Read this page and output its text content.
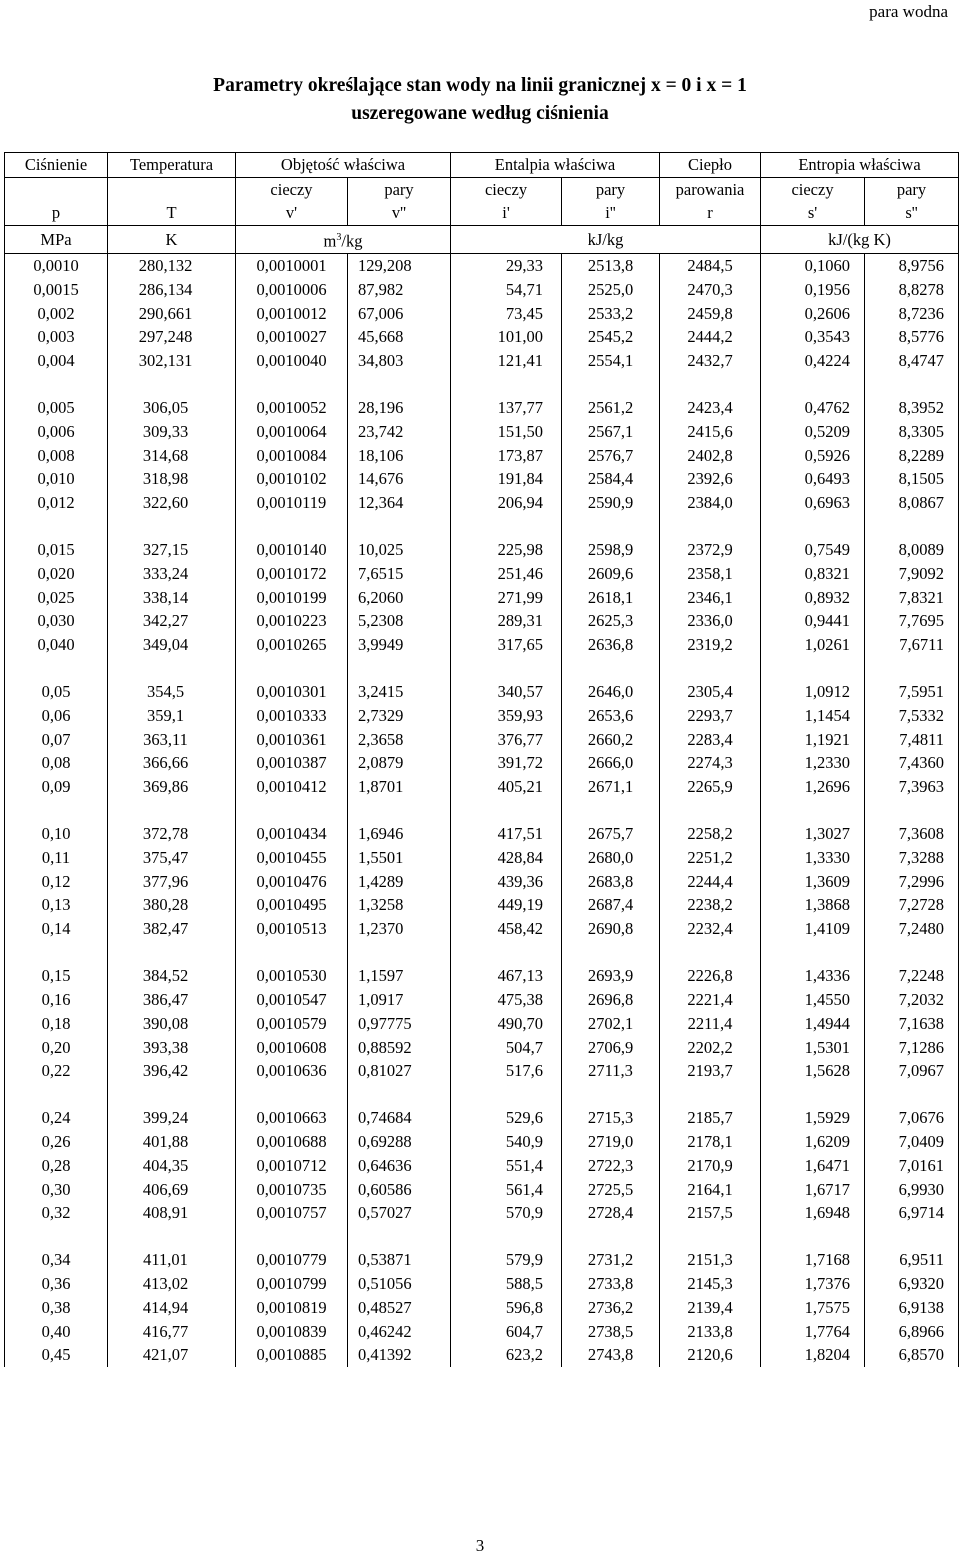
para wodna
Parametry określające stan wody na linii granicznej x = 0 i x = 1
uszeregowane według ciśnienia
Ciśnienie	Temperatura	Objętość właściwa		Entalpia właściwa		Ciepło	Entropia właściwa	
		cieczy	pary	cieczy	pary	parowania	cieczy	pary
p	T	v'	v''	i'	i''	r	s'	s''
MPa	K	$m^3/kg$		kJ/kg			kJ/(kg K)	
0,0010	280,132	0,0010001	129,208	29,33	2513,8	2484,5	0,1060	8,9756
0,0015	286,134	0,0010006	87,982	54,71	2525,0	2470,3	0,1956	8,8278
0,002	290,661	0,0010012	67,006	73,45	2533,2	2459,8	0,2606	8,7236
0,003	297,248	0,0010027	45,668	101,00	2545,2	2444,2	0,3543	8,5776
0,004	302,131	0,0010040	34,803	121,41	2554,1	2432,7	0,4224	8,4747

0,005	306,05	0,0010052	28,196	137,77	2561,2	2423,4	0,4762	8,3952
0,006	309,33	0,0010064	23,742	151,50	2567,1	2415,6	0,5209	8,3305
0,008	314,68	0,0010084	18,106	173,87	2576,7	2402,8	0,5926	8,2289
0,010	318,98	0,0010102	14,676	191,84	2584,4	2392,6	0,6493	8,1505
0,012	322,60	0,0010119	12,364	206,94	2590,9	2384,0	0,6963	8,0867

0,015	327,15	0,0010140	10,025	225,98	2598,9	2372,9	0,7549	8,0089
0,020	333,24	0,0010172	7,6515	251,46	2609,6	2358,1	0,8321	7,9092
0,025	338,14	0,0010199	6,2060	271,99	2618,1	2346,1	0,8932	7,8321
0,030	342,27	0,0010223	5,2308	289,31	2625,3	2336,0	0,9441	7,7695
0,040	349,04	0,0010265	3,9949	317,65	2636,8	2319,2	1,0261	7,6711

0,05	354,5	0,0010301	3,2415	340,57	2646,0	2305,4	1,0912	7,5951
0,06	359,1	0,0010333	2,7329	359,93	2653,6	2293,7	1,1454	7,5332
0,07	363,11	0,0010361	2,3658	376,77	2660,2	2283,4	1,1921	7,4811
0,08	366,66	0,0010387	2,0879	391,72	2666,0	2274,3	1,2330	7,4360
0,09	369,86	0,0010412	1,8701	405,21	2671,1	2265,9	1,2696	7,3963

0,10	372,78	0,0010434	1,6946	417,51	2675,7	2258,2	1,3027	7,3608
0,11	375,47	0,0010455	1,5501	428,84	2680,0	2251,2	1,3330	7,3288
0,12	377,96	0,0010476	1,4289	439,36	2683,8	2244,4	1,3609	7,2996
0,13	380,28	0,0010495	1,3258	449,19	2687,4	2238,2	1,3868	7,2728
0,14	382,47	0,0010513	1,2370	458,42	2690,8	2232,4	1,4109	7,2480

0,15	384,52	0,0010530	1,1597	467,13	2693,9	2226,8	1,4336	7,2248
0,16	386,47	0,0010547	1,0917	475,38	2696,8	2221,4	1,4550	7,2032
0,18	390,08	0,0010579	0,97775	490,70	2702,1	2211,4	1,4944	7,1638
0,20	393,38	0,0010608	0,88592	504,7	2706,9	2202,2	1,5301	7,1286
0,22	396,42	0,0010636	0,81027	517,6	2711,3	2193,7	1,5628	7,0967

0,24	399,24	0,0010663	0,74684	529,6	2715,3	2185,7	1,5929	7,0676
0,26	401,88	0,0010688	0,69288	540,9	2719,0	2178,1	1,6209	7,0409
0,28	404,35	0,0010712	0,64636	551,4	2722,3	2170,9	1,6471	7,0161
0,30	406,69	0,0010735	0,60586	561,4	2725,5	2164,1	1,6717	6,9930
0,32	408,91	0,0010757	0,57027	570,9	2728,4	2157,5	1,6948	6,9714

0,34	411,01	0,0010779	0,53871	579,9	2731,2	2151,3	1,7168	6,9511
0,36	413,02	0,0010799	0,51056	588,5	2733,8	2145,3	1,7376	6,9320
0,38	414,94	0,0010819	0,48527	596,8	2736,2	2139,4	1,7575	6,9138
0,40	416,77	0,0010839	0,46242	604,7	2738,5	2133,8	1,7764	6,8966
0,45	421,07	0,0010885	0,41392	623,2	2743,8	2120,6	1,8204	6,8570
3
